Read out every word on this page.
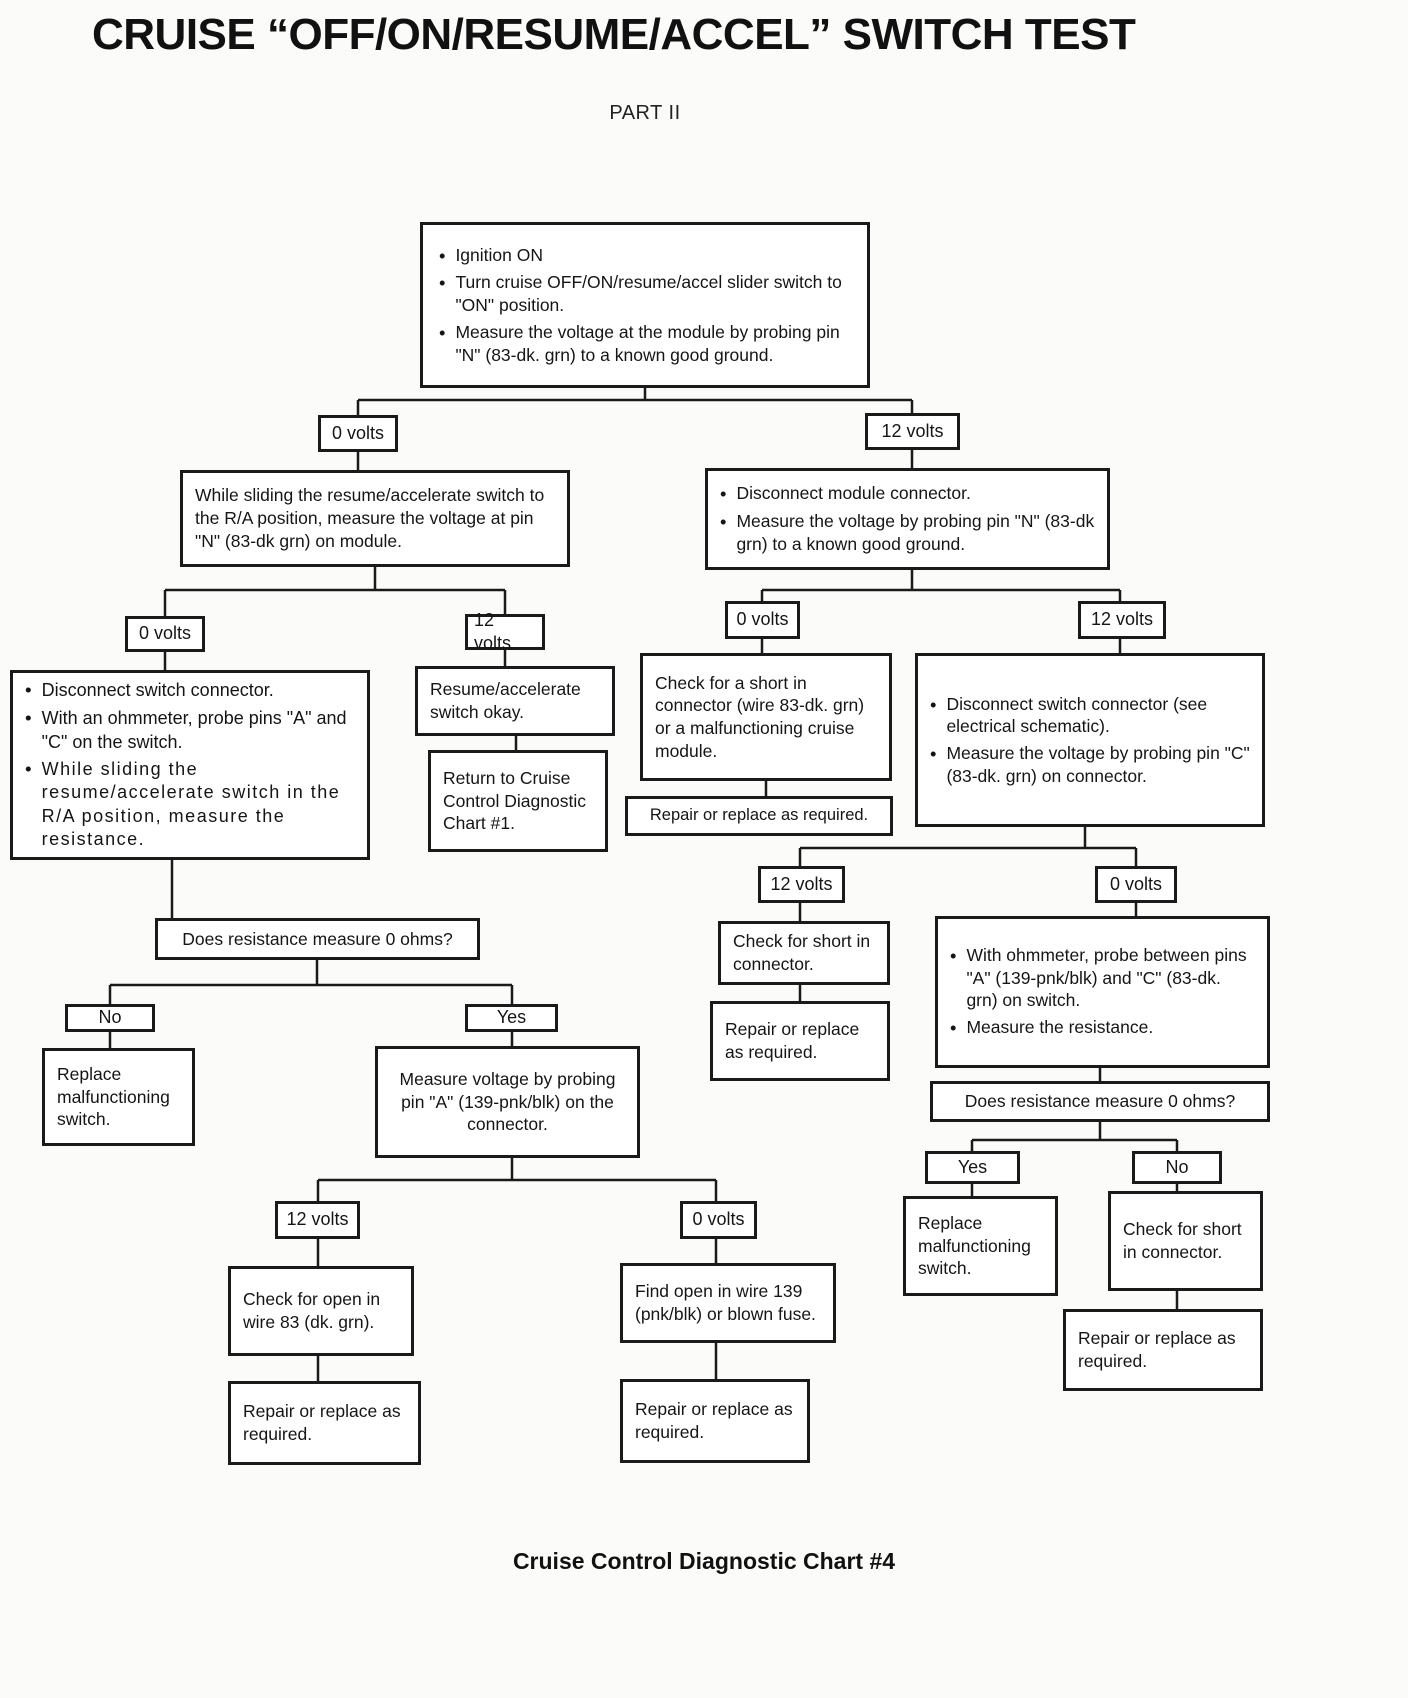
CRUISE “OFF/ON/RESUME/ACCEL” SWITCH TEST
PART II
•
Ignition ON
•
Turn cruise OFF/ON/resume/accel slider switch to "ON" position.
•
Measure the voltage at the module by probing pin "N" (83-dk. grn) to a known good ground.
0 volts	12 volts
While sliding the resume/accelerate switch to the R/A position, measure the voltage at pin "N" (83-dk grn) on module.
0 volts
12 volts
•
Disconnect switch connector.
•
With an ohmmeter, probe pins "A" and "C" on the switch.
•
While sliding the resume/accelerate switch in the R/A position, measure the resistance.
Resume/accelerate switch okay.
Return to Cruise Control Diagnostic Chart #1.
Does resistance measure 0 ohms?
No	Yes
Replace malfunctioning switch.
Measure voltage by probing pin "A" (139-pnk/blk) on the connector.
12 volts	0 volts
Check for open in wire 83 (dk. grn).
Repair or replace as required.
Find open in wire 139 (pnk/blk) or blown fuse.
Repair or replace as required.
•
Disconnect module connector.
•
Measure the voltage by probing pin "N" (83-dk grn) to a known good ground.
0 volts	12 volts
Check for a short in connector (wire 83-dk. grn) or a malfunctioning cruise module.
Repair or replace as required.
•
Disconnect switch connector (see electrical schematic).
•
Measure the voltage by probing pin "C" (83-dk. grn) on connector.
12 volts	0 volts
Check for short in connector.
Repair or replace as required.
•
With ohmmeter, probe between pins "A" (139-pnk/blk) and "C" (83-dk. grn) on switch.
•
Measure the resistance.
Does resistance measure 0 ohms?
Yes	No
Replace malfunctioning switch.
Check for short in connector.
Repair or replace as required.
Cruise Control Diagnostic Chart #4
